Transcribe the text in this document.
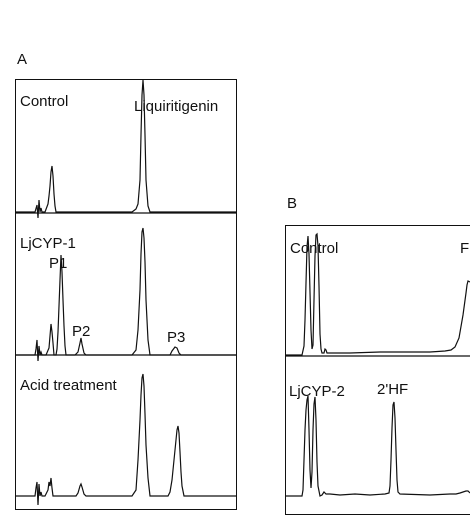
A
Control	Liquiritigenin
LjCYP-1
P1
P2	P3
Acid treatment
B
Control	F
LjCYP-2 2'HF
